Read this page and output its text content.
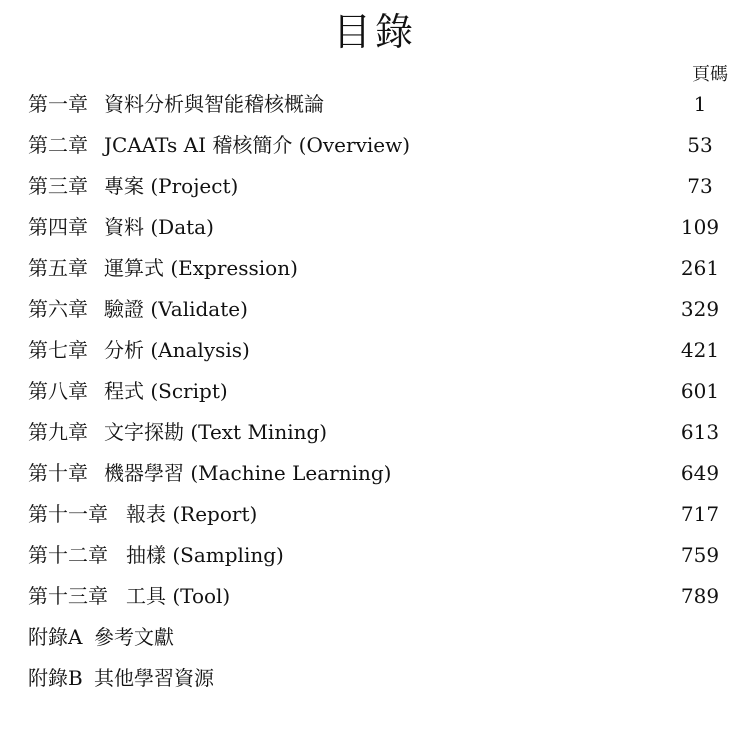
目錄
頁碼
第一章 資料分析與智能稽核概論	1
第二章 JCAATs AI 稽核簡介 (Overview)	53
第三章 專案 (Project)	73
第四章 資料 (Data)	109
第五章 運算式 (Expression)	261
第六章 驗證 (Validate)	329
第七章 分析 (Analysis)	421
第八章 程式 (Script)	601
第九章 文字探勘 (Text Mining)	613
第十章 機器學習 (Machine Learning)	649
第十一章 報表 (Report)	717
第十二章 抽樣 (Sampling)	759
第十三章 工具 (Tool)	789
附錄A 參考文獻
附錄B 其他學習資源
